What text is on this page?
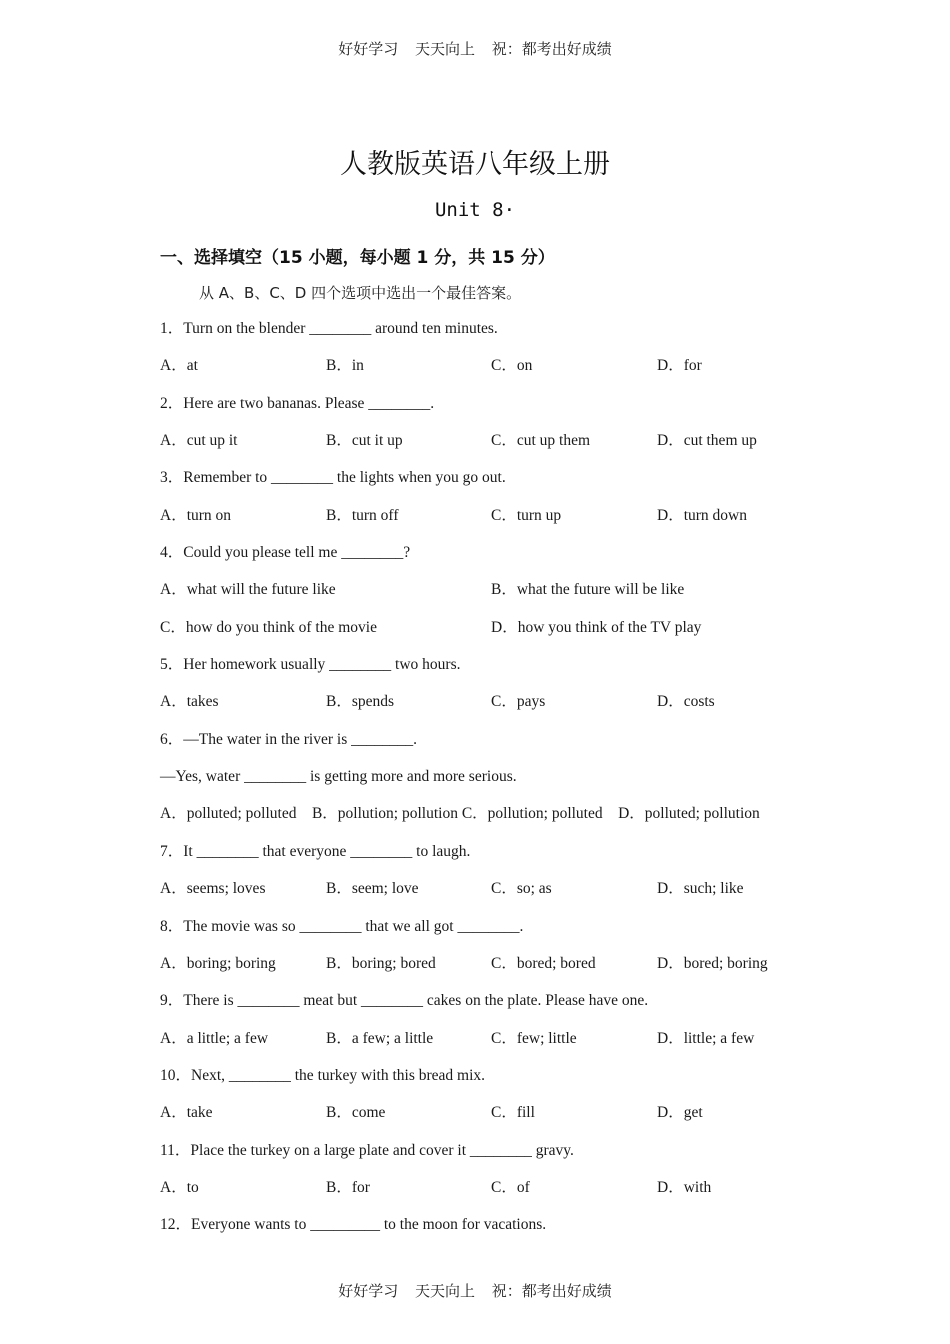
好好学习 天天向上 祝：都考出好成绩
人教版英语八年级上册
Unit 8·
一、选择填空（15 小题，每小题 1 分，共 15 分）
从 A、B、C、D 四个选项中选出一个最佳答案。
1．Turn on the blender ________ around ten minutes.
A．at	B．in	C．on	D．for
2．Here are two bananas. Please ________.
A．cut up it	B．cut it up	C．cut up them	D．cut them up
3．Remember to ________ the lights when you go out.
A．turn on	B．turn off	C．turn up	D．turn down
4．Could you please tell me ________?
A．what will the future like	B．what the future will be like
C．how do you think of the movie	D．how you think of the TV play
5．Her homework usually ________ two hours.
A．takes	B．spends	C．pays	D．costs
6．—The water in the river is ________.
—Yes, water ________ is getting more and more serious.
A．polluted; polluted　B．pollution; pollution C．pollution; polluted　D．polluted; pollution
7．It ________ that everyone ________ to laugh.
A．seems; loves	B．seem; love	C．so; as	D．such; like
8．The movie was so ________ that we all got ________.
A．boring; boring	B．boring; bored	C．bored; bored	D．bored; boring
9．There is ________ meat but ________ cakes on the plate. Please have one.
A．a little; a few	B．a few; a little	C．few; little	D．little; a few
10．Next, ________ the turkey with this bread mix.
A．take	B．come	C．fill	D．get
11．Place the turkey on a large plate and cover it ________ gravy.
A．to	B．for	C．of	D．with
12．Everyone wants to _________ to the moon for vacations.
好好学习 天天向上 祝：都考出好成绩
